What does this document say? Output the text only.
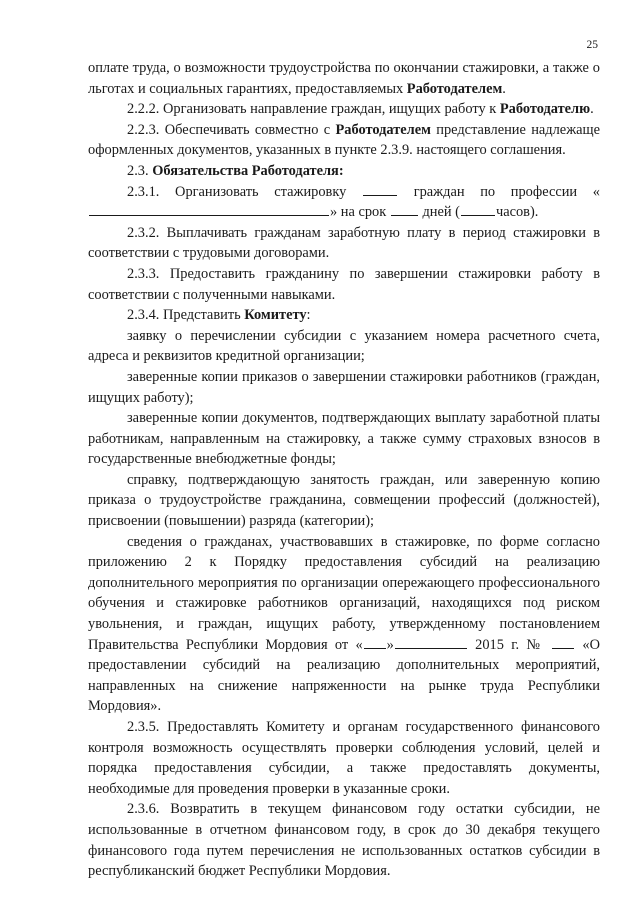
25

оплате труда, о возможности трудоустройства по окончании стажировки, а также о льготах и социальных гарантиях, предоставляемых Работодателем.

2.2.2. Организовать направление граждан, ищущих работу к Работодателю.

2.2.3. Обеспечивать совместно с Работодателем представление надлежаще оформленных документов, указанных в пункте 2.3.9. настоящего соглашения.

2.3. Обязательства Работодателя:

2.3.1. Организовать стажировку	граждан по профессии «» на срок  дней (	часов).

2.3.2. Выплачивать гражданам заработную плату в период стажировки в соответствии с трудовыми договорами.

2.3.3. Предоставить гражданину по завершении стажировки работу в соответствии с полученными навыками.

2.3.4. Представить Комитету:

заявку о перечислении субсидии с указанием номера расчетного счета, адреса и реквизитов кредитной организации;

заверенные копии приказов о завершении стажировки работников (граждан, ищущих работу);

заверенные копии документов, подтверждающих выплату заработной платы работникам, направленным на стажировку, а также сумму страховых взносов в государственные внебюджетные фонды;

справку, подтверждающую занятость граждан, или заверенную копию приказа о трудоустройстве гражданина, совмещении профессий (должностей), присвоении (повышении) разряда (категории);

сведения о гражданах, участвовавших в стажировке, по форме согласно приложению 2 к Порядку предоставления субсидий на реализацию дополнительного мероприятия по организации опережающего профессионального обучения и стажировке работников организаций, находящихся под риском увольнения, и граждан, ищущих работу, утвержденному постановлением Правительства Республики Мордовия от « »	2015 г. №  «О предоставлении субсидий на реализацию дополнительных мероприятий, направленных на снижение напряженности на рынке труда Республики Мордовия».

2.3.5. Предоставлять Комитету и органам государственного финансового контроля возможность осуществлять проверки соблюдения условий, целей и порядка предоставления субсидии, а также предоставлять документы, необходимые для проведения проверки в указанные сроки.

2.3.6. Возвратить в текущем финансовом году остатки субсидии, не использованные в отчетном финансовом году, в срок до 30 декабря текущего финансового года путем перечисления не использованных остатков субсидии в республиканский бюджет Республики Мордовия.
